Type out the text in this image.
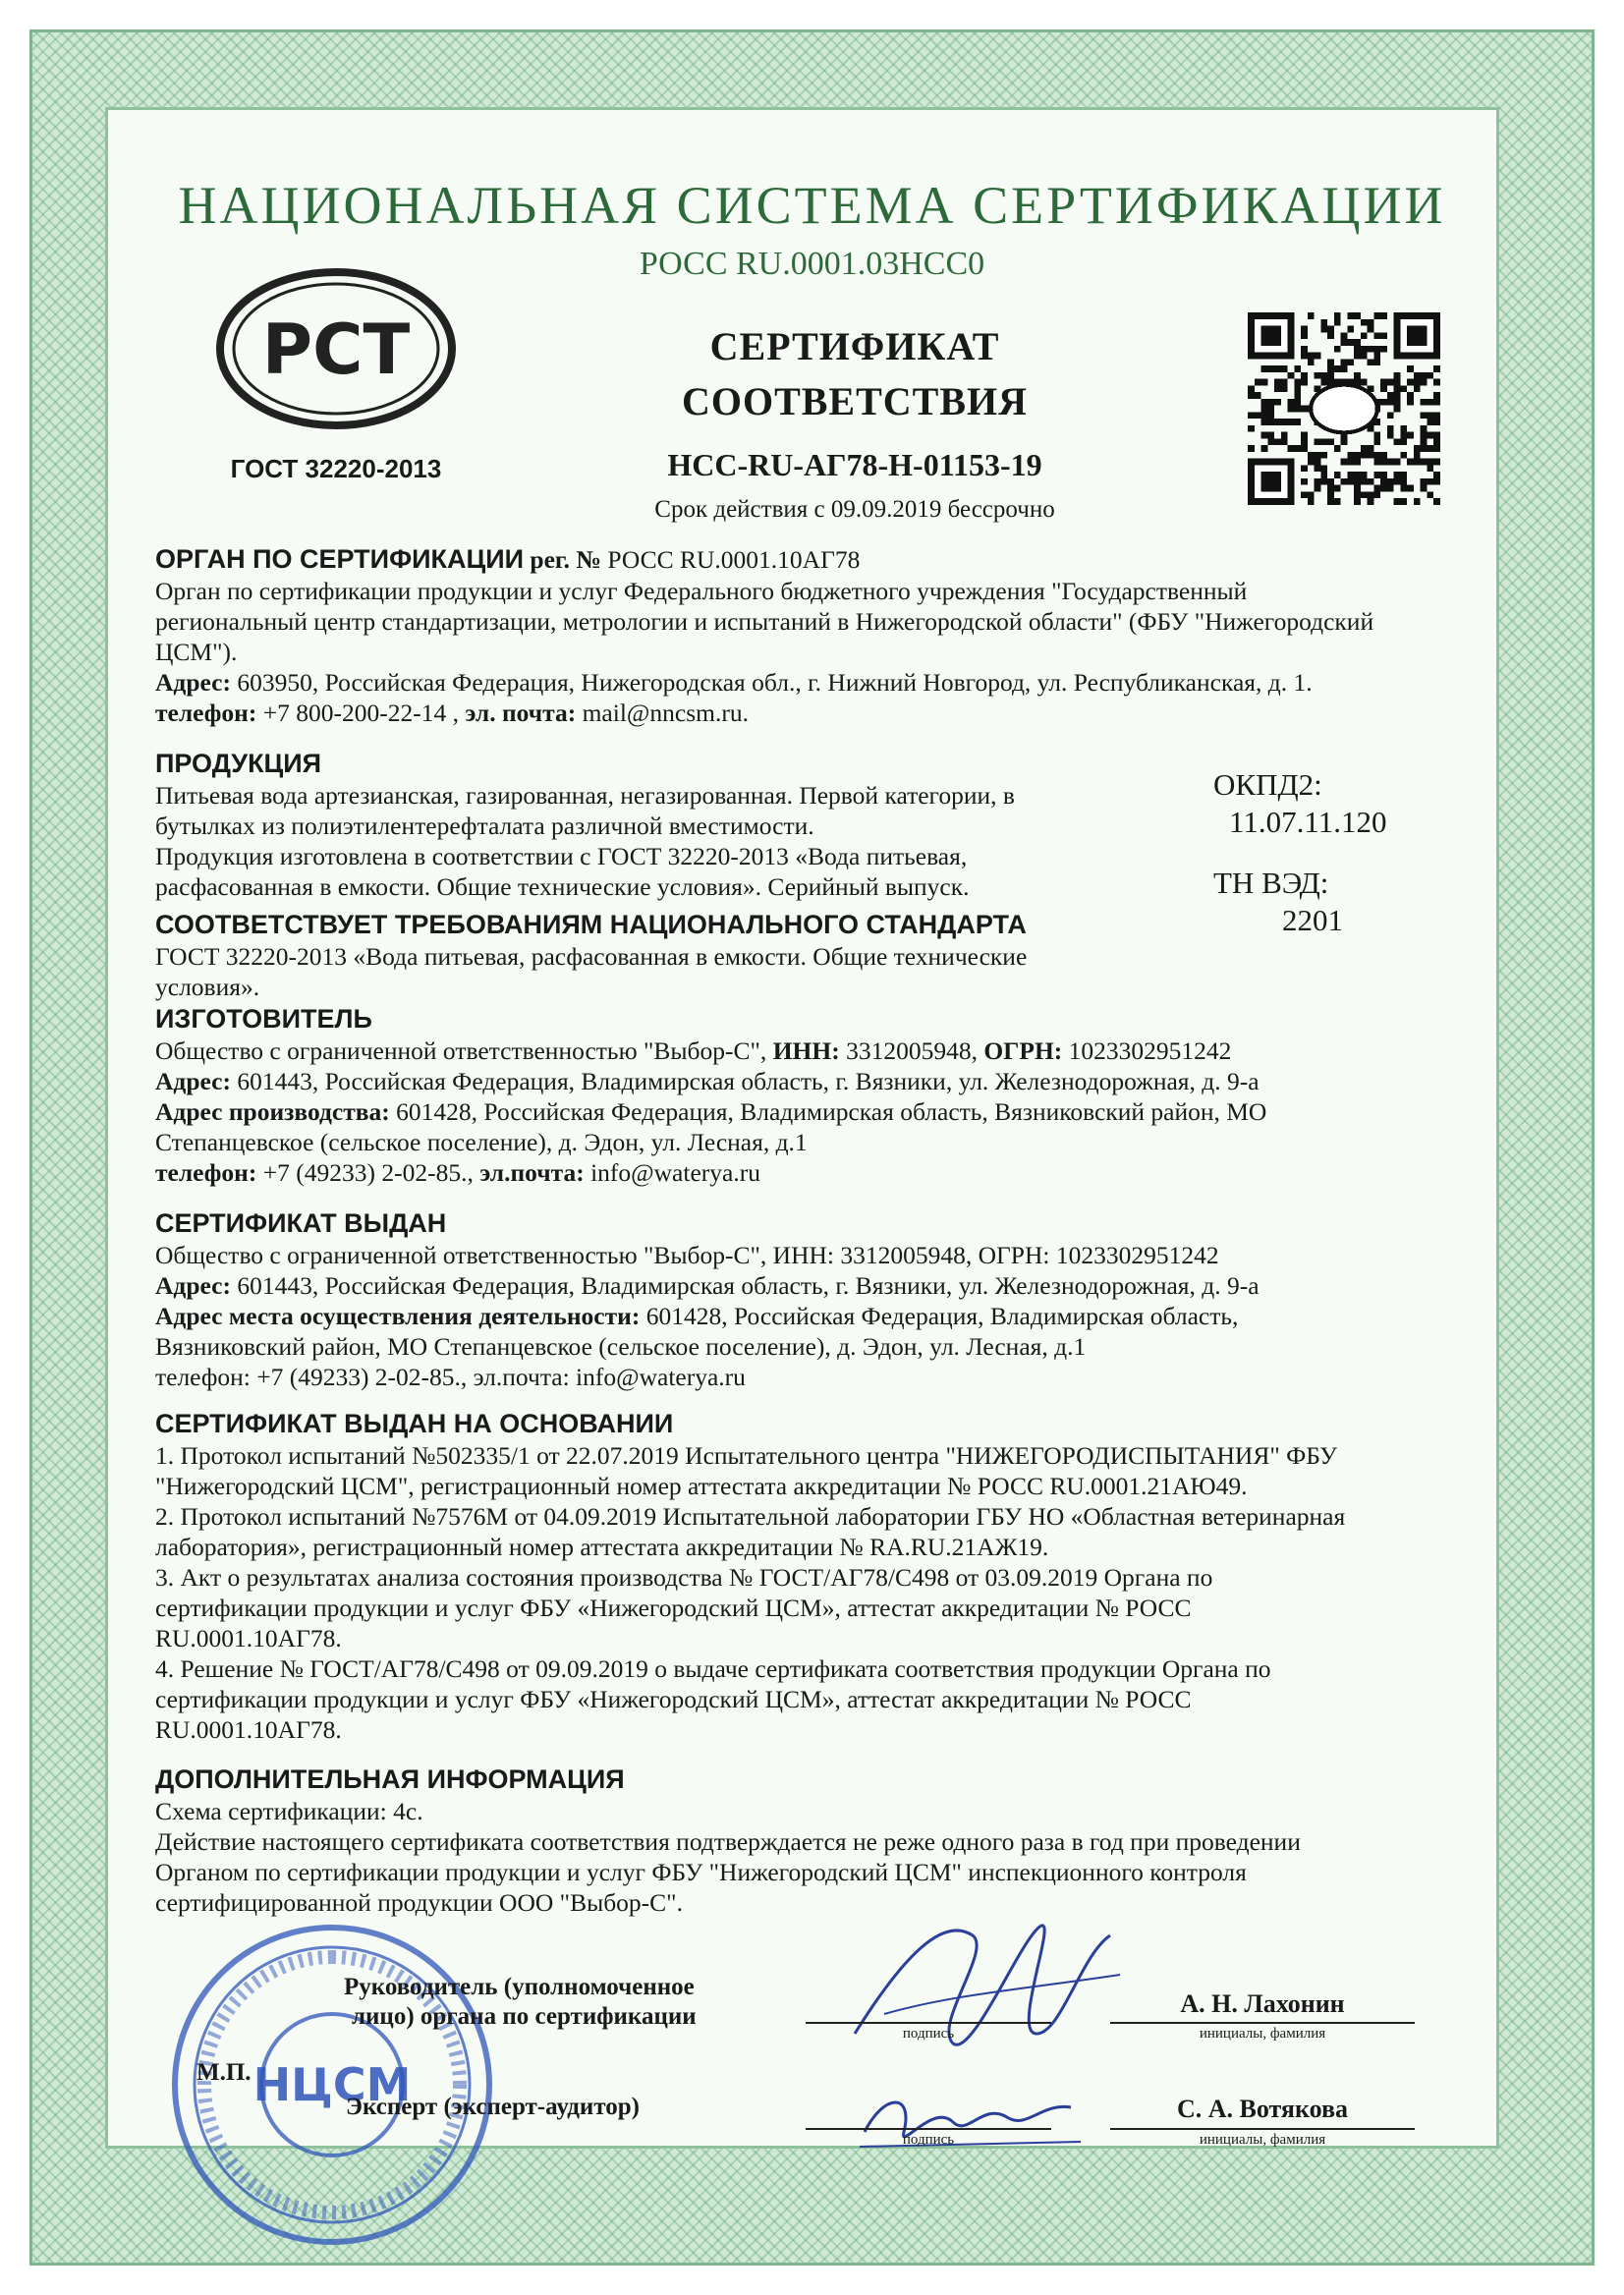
НАЦИОНАЛЬНАЯ СИСТЕМА СЕРТИФИКАЦИИ
РОСС RU.0001.03НСС0
РСТ
ГОСТ 32220-2013
СЕРТИФИКАТ
СООТВЕТСТВИЯ
НСС-RU-АГ78-Н-01153-19
Срок действия с 09.09.2019 бессрочно
ОРГАН ПО СЕРТИФИКАЦИИ рег. № РОСС RU.0001.10АГ78
Орган по сертификации продукции и услуг Федерального бюджетного учреждения "Государственный
региональный центр стандартизации, метрологии и испытаний в Нижегородской области" (ФБУ "Нижегородский
ЦСМ").
Адрес: 603950, Российская Федерация, Нижегородская обл., г. Нижний Новгород, ул. Республиканская, д. 1.
телефон: +7 800-200-22-14 , эл. почта: mail@nncsm.ru.
ПРОДУКЦИЯ
Питьевая вода артезианская, газированная, негазированная. Первой категории, в
бутылках из полиэтилентерефталата различной вместимости.
Продукция изготовлена в соответствии с ГОСТ 32220-2013 «Вода питьевая,
расфасованная в емкости. Общие технические условия». Серийный выпуск.
ОКПД2:
11.07.11.120
ТН ВЭД:
2201
СООТВЕТСТВУЕТ ТРЕБОВАНИЯМ НАЦИОНАЛЬНОГО СТАНДАРТА
ГОСТ 32220-2013 «Вода питьевая, расфасованная в емкости. Общие технические
условия».
ИЗГОТОВИТЕЛЬ
Общество с ограниченной ответственностью "Выбор-С", ИНН: 3312005948, ОГРН: 1023302951242
Адрес: 601443, Российская Федерация, Владимирская область, г. Вязники, ул. Железнодорожная, д. 9-а
Адрес производства: 601428, Российская Федерация, Владимирская область, Вязниковский район, МО
Степанцевское (сельское поселение), д. Эдон, ул. Лесная, д.1
телефон: +7 (49233) 2-02-85., эл.почта: info@waterya.ru
СЕРТИФИКАТ ВЫДАН
Общество с ограниченной ответственностью "Выбор-С", ИНН: 3312005948, ОГРН: 1023302951242
Адрес: 601443, Российская Федерация, Владимирская область, г. Вязники, ул. Железнодорожная, д. 9-а
Адрес места осуществления деятельности: 601428, Российская Федерация, Владимирская область,
Вязниковский район, МО Степанцевское (сельское поселение), д. Эдон, ул. Лесная, д.1
телефон: +7 (49233) 2-02-85., эл.почта: info@waterya.ru
СЕРТИФИКАТ ВЫДАН НА ОСНОВАНИИ
1. Протокол испытаний №502335/1 от 22.07.2019 Испытательного центра "НИЖЕГОРОДИСПЫТАНИЯ" ФБУ
"Нижегородский ЦСМ", регистрационный номер аттестата аккредитации № РОСС RU.0001.21АЮ49.
2. Протокол испытаний №7576М от 04.09.2019 Испытательной лаборатории ГБУ НО «Областная ветеринарная
лаборатория», регистрационный номер аттестата аккредитации № RA.RU.21АЖ19.
3. Акт о результатах анализа состояния производства № ГОСТ/АГ78/С498 от 03.09.2019 Органа по
сертификации продукции и услуг ФБУ «Нижегородский ЦСМ», аттестат аккредитации № РОСС
RU.0001.10АГ78.
4. Решение № ГОСТ/АГ78/С498 от 09.09.2019 о выдаче сертификата соответствия продукции Органа по
сертификации продукции и услуг ФБУ «Нижегородский ЦСМ», аттестат аккредитации № РОСС
RU.0001.10АГ78.
ДОПОЛНИТЕЛЬНАЯ ИНФОРМАЦИЯ
Схема сертификации: 4с.
Действие настоящего сертификата соответствия подтверждается не реже одного раза в год при проведении
Органом по сертификации продукции и услуг ФБУ "Нижегородский ЦСМ" инспекционного контроля
сертифицированной продукции ООО "Выбор-С".
НЦСМ
Руководитель (уполномоченное
лицо) органа по сертификации
М.П.
Эксперт (эксперт-аудитор)
подпись
А. Н. Лахонин
инициалы, фамилия
подпись
С. А. Вотякова
инициалы, фамилия
